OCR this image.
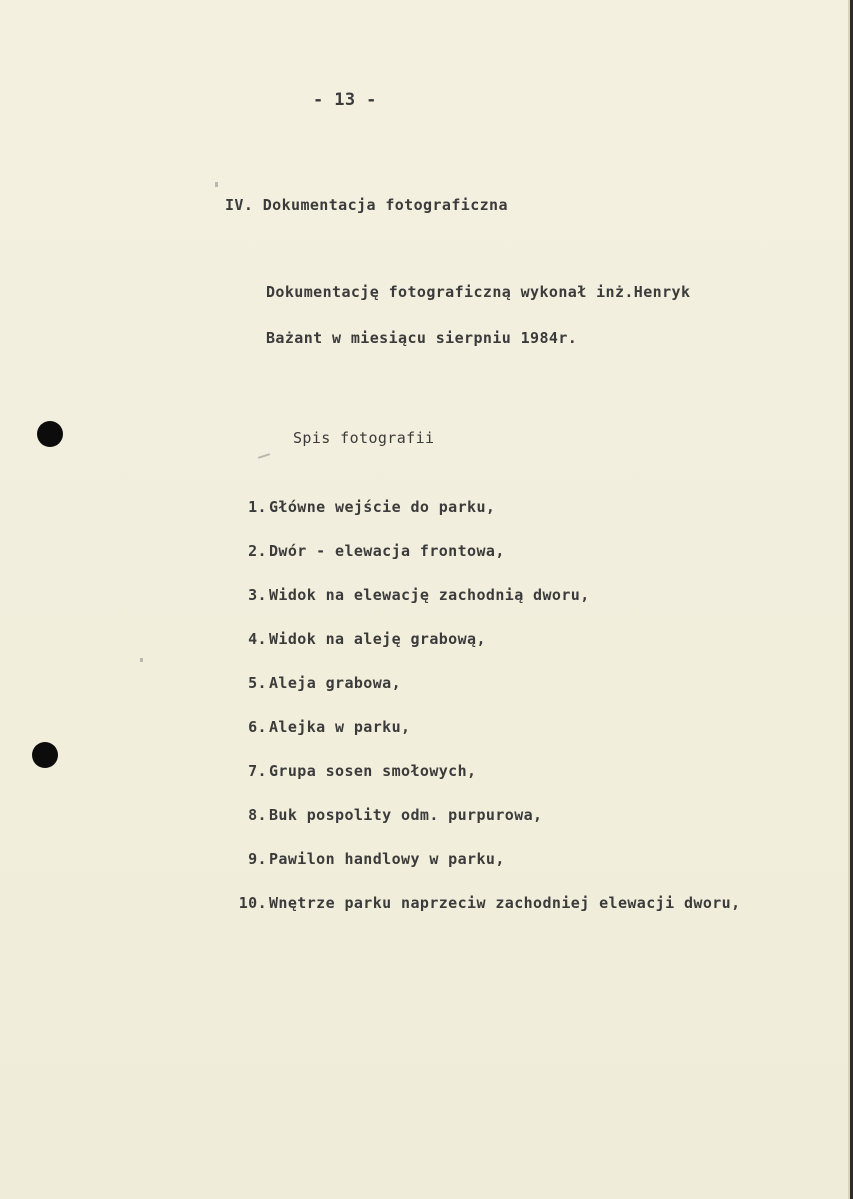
- 13 -
IV. Dokumentacja fotograficzna
Dokumentację fotograficzną wykonał inż.Henryk
Bażant w miesiącu sierpniu 1984r.
Spis fotografii
1. Główne wejście do parku,
2. Dwór - elewacja frontowa,
3. Widok na elewację zachodnią dworu,
4. Widok na aleję grabową,
5. Aleja grabowa,
6. Alejka w parku,
7. Grupa sosen smołowych,
8. Buk pospolity odm. purpurowa,
9. Pawilon handlowy w parku,
10. Wnętrze parku naprzeciw zachodniej elewacji dworu,
